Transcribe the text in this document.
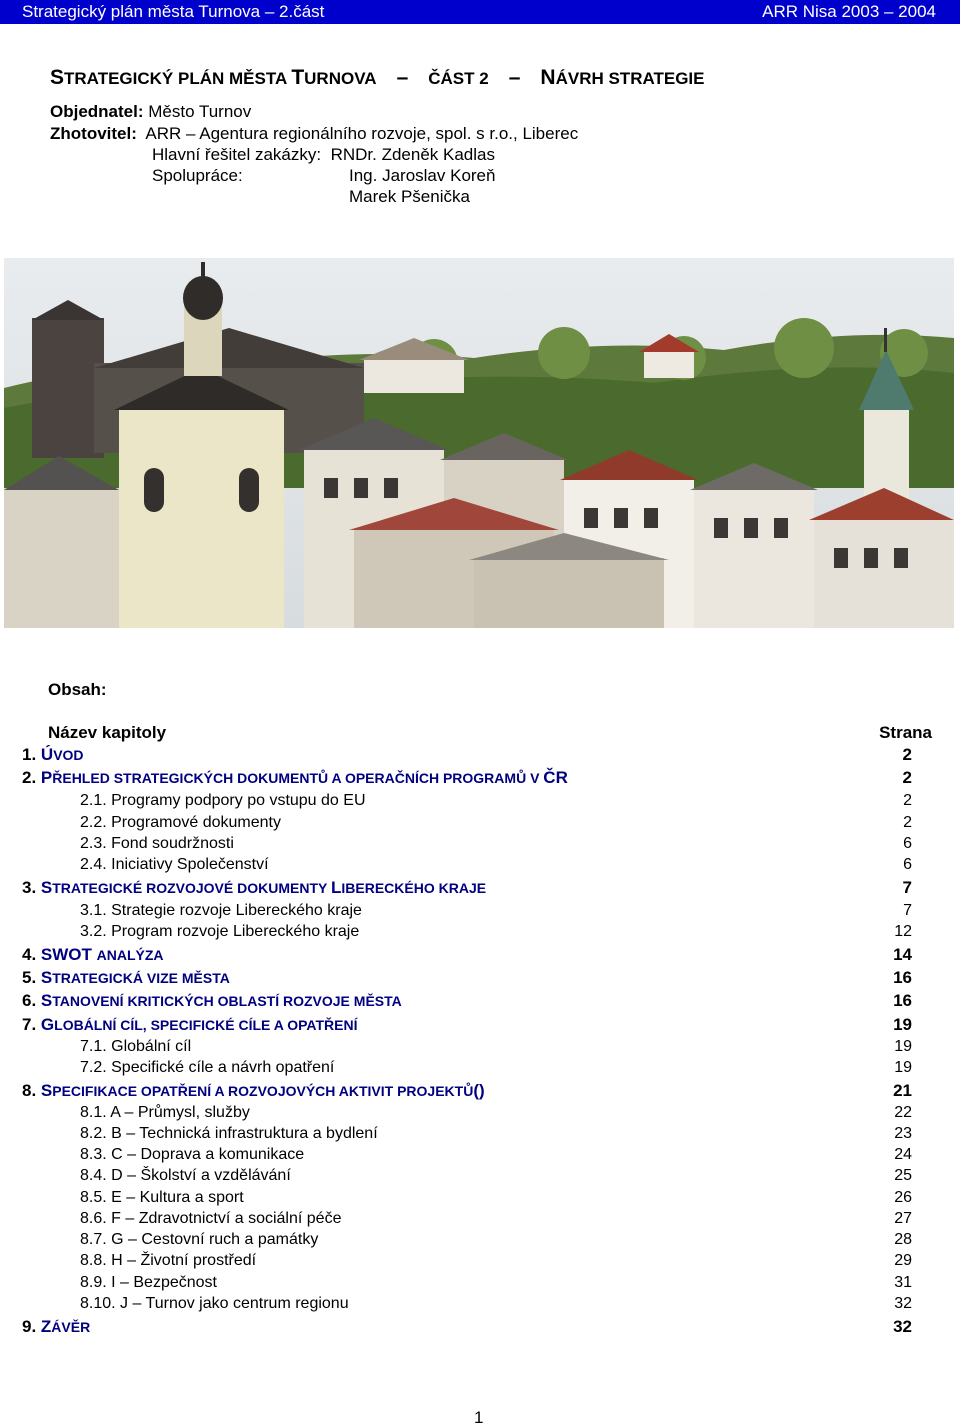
Strategický plán města Turnova – 2.část	ARR Nisa 2003 – 2004
STRATEGICKÝ PLÁN MĚSTA TURNOVA – ČÁST 2 – NÁVRH STRATEGIE
Objednatel: Město Turnov
Zhotovitel: ARR – Agentura regionálního rozvoje, spol. s r.o., Liberec
Hlavní řešitel zakázky: RNDr. Zdeněk Kadlas
Spolupráce:	Ing. Jaroslav Koreň
Marek Pšenička
Obsah:
Název kapitoly	Strana
1. ÚVOD	2
2. PŘEHLED STRATEGICKÝCH DOKUMENTŮ A OPERAČNÍCH PROGRAMŮ V ČR	2
2.1. Programy podpory po vstupu do EU	2
2.2. Programové dokumenty	2
2.3. Fond soudržnosti	6
2.4. Iniciativy Společenství	6
3. STRATEGICKÉ ROZVOJOVÉ DOKUMENTY LIBERECKÉHO KRAJE	7
3.1. Strategie rozvoje Libereckého kraje	7
3.2. Program rozvoje Libereckého kraje	12
4. SWOT ANALÝZA	14
5. STRATEGICKÁ VIZE MĚSTA	16
6. STANOVENÍ KRITICKÝCH OBLASTÍ ROZVOJE MĚSTA	16
7. GLOBÁLNÍ CÍL, SPECIFICKÉ CÍLE A OPATŘENÍ	19
7.1. Globální cíl	19
7.2. Specifické cíle a návrh opatření	19
8. SPECIFIKACE OPATŘENÍ A ROZVOJOVÝCH AKTIVIT PROJEKTŮ()	21
8.1. A – Průmysl, služby	22
8.2. B – Technická infrastruktura a bydlení	23
8.3. C – Doprava a komunikace	24
8.4. D – Školství a vzdělávání	25
8.5. E – Kultura a sport	26
8.6. F – Zdravotnictví a sociální péče	27
8.7. G – Cestovní ruch a památky	28
8.8. H – Životní prostředí	29
8.9. I – Bezpečnost	31
8.10. J – Turnov jako centrum regionu	32
9. ZÁVĚR	32
1
